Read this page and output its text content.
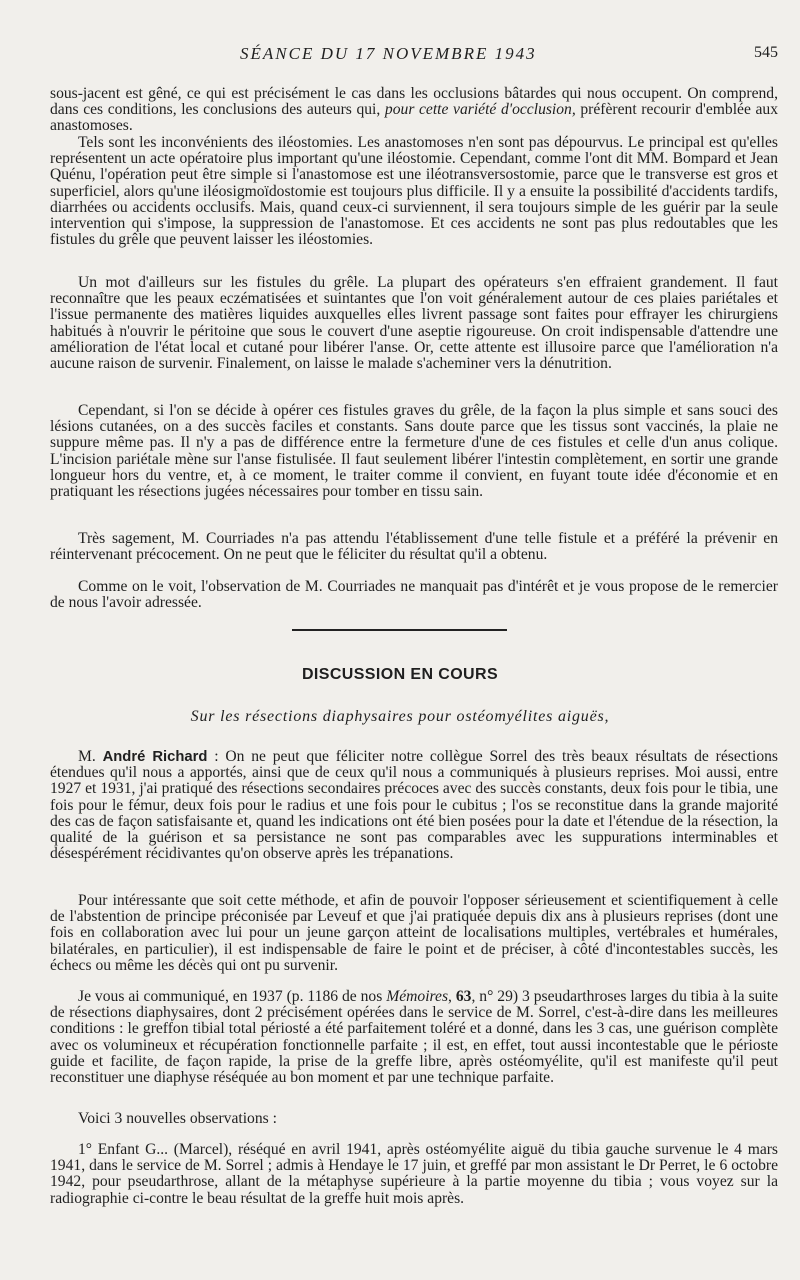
SÉANCE DU 17 NOVEMBRE 1943	545

sous-jacent est gêné, ce qui est précisément le cas dans les occlusions bâtardes qui nous occupent. On comprend, dans ces conditions, les conclusions des auteurs qui, pour cette variété d'occlusion, préfèrent recourir d'emblée aux anastomoses.

Tels sont les inconvénients des iléostomies. Les anastomoses n'en sont pas dépourvus. Le principal est qu'elles représentent un acte opératoire plus important qu'une iléostomie. Cependant, comme l'ont dit MM. Bompard et Jean Quénu, l'opération peut être simple si l'anastomose est une iléotransversostomie, parce que le transverse est gros et superficiel, alors qu'une iléosigmoïdostomie est toujours plus difficile. Il y a ensuite la possibilité d'accidents tardifs, diarrhées ou accidents occlusifs. Mais, quand ceux-ci surviennent, il sera toujours simple de les guérir par la seule intervention qui s'impose, la suppression de l'anastomose. Et ces accidents ne sont pas plus redoutables que les fistules du grêle que peuvent laisser les iléostomies.

Un mot d'ailleurs sur les fistules du grêle. La plupart des opérateurs s'en effraient grandement. Il faut reconnaître que les peaux eczématisées et suintantes que l'on voit généralement autour de ces plaies pariétales et l'issue permanente des matières liquides auxquelles elles livrent passage sont faites pour effrayer les chirurgiens habitués à n'ouvrir le péritoine que sous le couvert d'une aseptie rigoureuse. On croit indispensable d'attendre une amélioration de l'état local et cutané pour libérer l'anse. Or, cette attente est illusoire parce que l'amélioration n'a aucune raison de survenir. Finalement, on laisse le malade s'acheminer vers la dénutrition.

Cependant, si l'on se décide à opérer ces fistules graves du grêle, de la façon la plus simple et sans souci des lésions cutanées, on a des succès faciles et constants. Sans doute parce que les tissus sont vaccinés, la plaie ne suppure même pas. Il n'y a pas de différence entre la fermeture d'une de ces fistules et celle d'un anus colique. L'incision pariétale mène sur l'anse fistulisée. Il faut seulement libérer l'intestin complètement, en sortir une grande longueur hors du ventre, et, à ce moment, le traiter comme il convient, en fuyant toute idée d'économie et en pratiquant les résections jugées nécessaires pour tomber en tissu sain.

Très sagement, M. Courriades n'a pas attendu l'établissement d'une telle fistule et a préféré la prévenir en réintervenant précocement. On ne peut que le féliciter du résultat qu'il a obtenu.

Comme on le voit, l'observation de M. Courriades ne manquait pas d'intérêt et je vous propose de le remercier de nous l'avoir adressée.

DISCUSSION EN COURS

Sur les résections diaphysaires pour ostéomyélites aiguës,

M. André Richard : On ne peut que féliciter notre collègue Sorrel des très beaux résultats de résections étendues qu'il nous a apportés, ainsi que de ceux qu'il nous a communiqués à plusieurs reprises. Moi aussi, entre 1927 et 1931, j'ai pratiqué des résections secondaires précoces avec des succès constants, deux fois pour le tibia, une fois pour le fémur, deux fois pour le radius et une fois pour le cubitus ; l'os se reconstitue dans la grande majorité des cas de façon satisfaisante et, quand les indications ont été bien posées pour la date et l'étendue de la résection, la qualité de la guérison et sa persistance ne sont pas comparables avec les suppurations interminables et désespérément récidivantes qu'on observe après les trépanations.

Pour intéressante que soit cette méthode, et afin de pouvoir l'opposer sérieusement et scientifiquement à celle de l'abstention de principe préconisée par Leveuf et que j'ai pratiquée depuis dix ans à plusieurs reprises (dont une fois en collaboration avec lui pour un jeune garçon atteint de localisations multiples, vertébrales et humérales, bilatérales, en particulier), il est indispensable de faire le point et de préciser, à côté d'incontestables succès, les échecs ou même les décès qui ont pu survenir.

Je vous ai communiqué, en 1937 (p. 1186 de nos Mémoires, 63, n° 29) 3 pseudarthroses larges du tibia à la suite de résections diaphysaires, dont 2 précisément opérées dans le service de M. Sorrel, c'est-à-dire dans les meilleures conditions : le greffon tibial total périosté a été parfaitement toléré et a donné, dans les 3 cas, une guérison complète avec os volumineux et récupération fonctionnelle parfaite ; il est, en effet, tout aussi incontestable que le périoste guide et facilite, de façon rapide, la prise de la greffe libre, après ostéomyélite, qu'il est manifeste qu'il peut reconstituer une diaphyse réséquée au bon moment et par une technique parfaite.

Voici 3 nouvelles observations :

1° Enfant G... (Marcel), réséqué en avril 1941, après ostéomyélite aiguë du tibia gauche survenue le 4 mars 1941, dans le service de M. Sorrel ; admis à Hendaye le 17 juin, et greffé par mon assistant le Dr Perret, le 6 octobre 1942, pour pseudarthrose, allant de la métaphyse supérieure à la partie moyenne du tibia ; vous voyez sur la radiographie ci-contre le beau résultat de la greffe huit mois après.
